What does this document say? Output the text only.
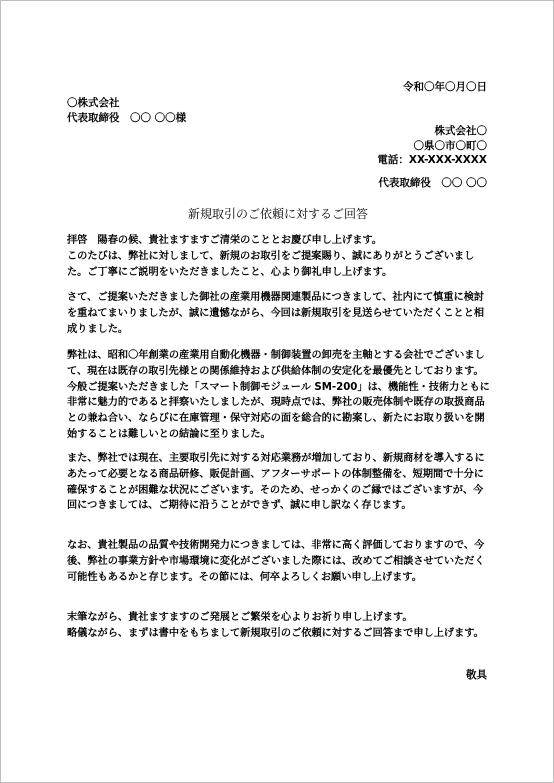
令和〇年〇月〇日
〇株式会社
代表取締役　〇〇 〇〇様
株式会社〇
〇県〇市〇町〇
電話：XX-XXX-XXXX
代表取締役　〇〇 〇〇
新規取引のご依頼に対するご回答

拝啓　陽春の候、貴社ますますご清栄のこととお慶び申し上げます。

このたびは、弊社に対しまして、新規のお取引をご提案賜り、誠にありがとうございました。ご丁寧にご説明をいただきましたこと、心より御礼申し上げます。

さて、ご提案いただきました御社の産業用機器関連製品につきまして、社内にて慎重に検討を重ねてまいりましたが、誠に遺憾ながら、今回は新規取引を見送らせていただくことと相成りました。
弊社は、昭和〇年創業の産業用自動化機器・制御装置の卸売を主軸とする会社でございまして、現在は既存の取引先様との関係維持および供給体制の安定化を最優先としております。今般ご提案いただきました「スマート制御モジュール SM-200」は、機能性・技術力ともに非常に魅力的であると拝察いたしましたが、現時点では、弊社の販売体制や既存の取扱商品との兼ね合い、ならびに在庫管理・保守対応の面を総合的に勘案し、新たにお取り扱いを開始することは難しいとの結論に至りました。
また、弊社では現在、主要取引先に対する対応業務が増加しており、新規商材を導入するにあたって必要となる商品研修、販促計画、アフターサポートの体制整備を、短期間で十分に確保することが困難な状況にございます。そのため、せっかくのご縁ではございますが、今回につきましては、ご期待に沿うことができず、誠に申し訳なく存じます。
なお、貴社製品の品質や技術開発力につきましては、非常に高く評価しておりますので、今後、弊社の事業方針や市場環境に変化がございました際には、改めてご相談させていただく可能性もあるかと存じます。その節には、何卒よろしくお願い申し上げます。
末筆ながら、貴社ますますのご発展とご繁栄を心よりお祈り申し上げます。
略儀ながら、まずは書中をもちまして新規取引のご依頼に対するご回答まで申し上げます。
敬具
